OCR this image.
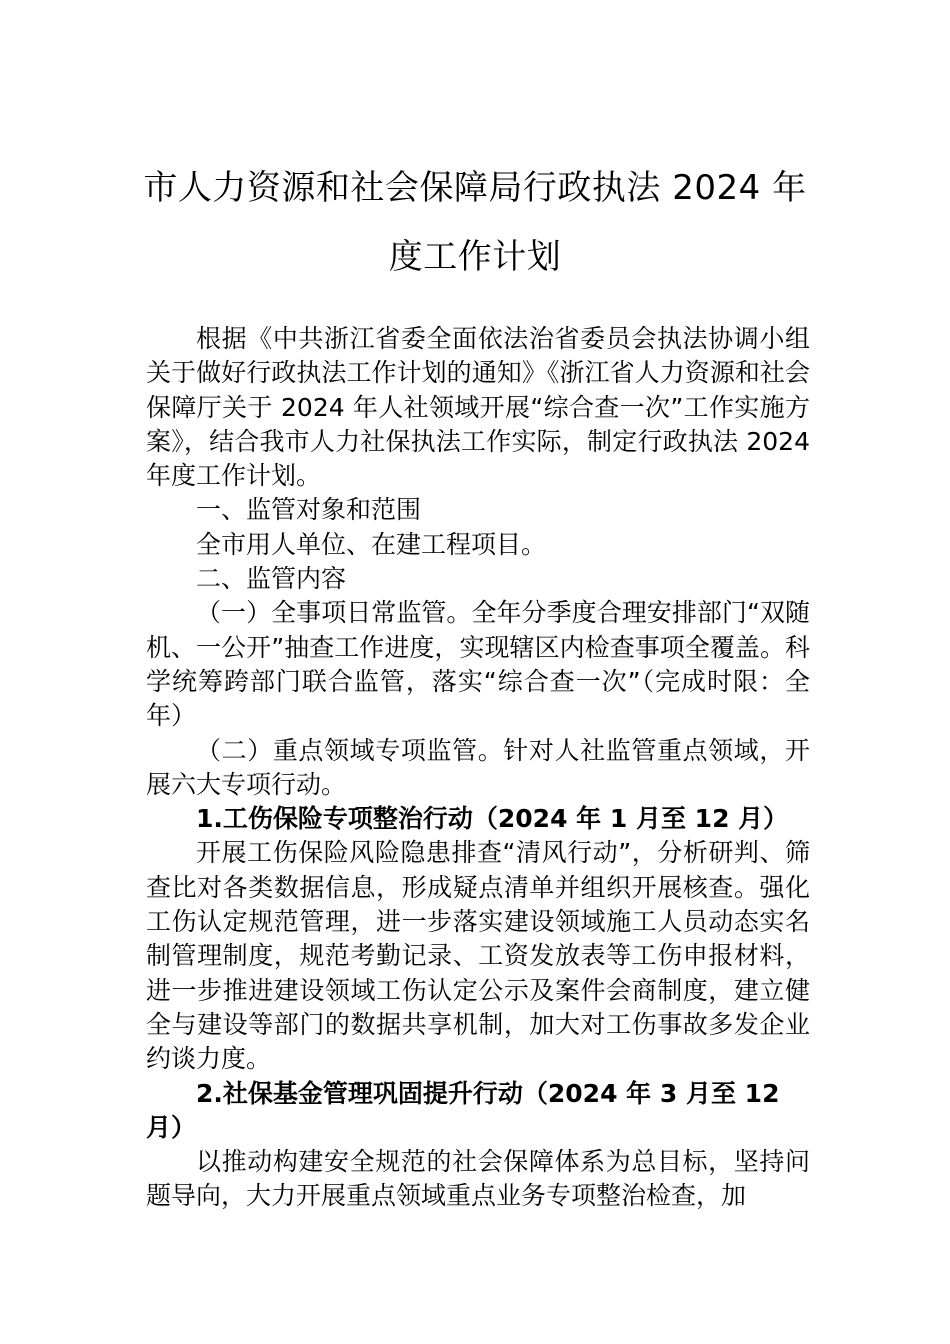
市人力资源和社会保障局行政执法 2024 年
度工作计划

根据《中共浙江省委全面依法治省委员会执法协调小组关于做好行政执法工作计划的通知》《浙江省人力资源和社会保障厅关于 2024 年人社领域开展“综合查一次”工作实施方案》，结合我市人力社保执法工作实际，制定行政执法 2024 年度工作计划。

一、监管对象和范围

全市用人单位、在建工程项目。

二、监管内容

（一）全事项日常监管。全年分季度合理安排部门“双随机、一公开”抽查工作进度，实现辖区内检查事项全覆盖。科学统筹跨部门联合监管，落实“综合查一次”（完成时限：全年）

（二）重点领域专项监管。针对人社监管重点领域，开展六大专项行动。

1.工伤保险专项整治行动（2024 年 1 月至 12 月）

开展工伤保险风险隐患排查“清风行动”，分析研判、筛查比对各类数据信息，形成疑点清单并组织开展核查。强化工伤认定规范管理，进一步落实建设领域施工人员动态实名制管理制度，规范考勤记录、工资发放表等工伤申报材料，进一步推进建设领域工伤认定公示及案件会商制度，建立健全与建设等部门的数据共享机制，加大对工伤事故多发企业约谈力度。

2.社保基金管理巩固提升行动（2024 年 3 月至 12 月）

以推动构建安全规范的社会保障体系为总目标，坚持问题导向，大力开展重点领域重点业务专项整治检查，加
